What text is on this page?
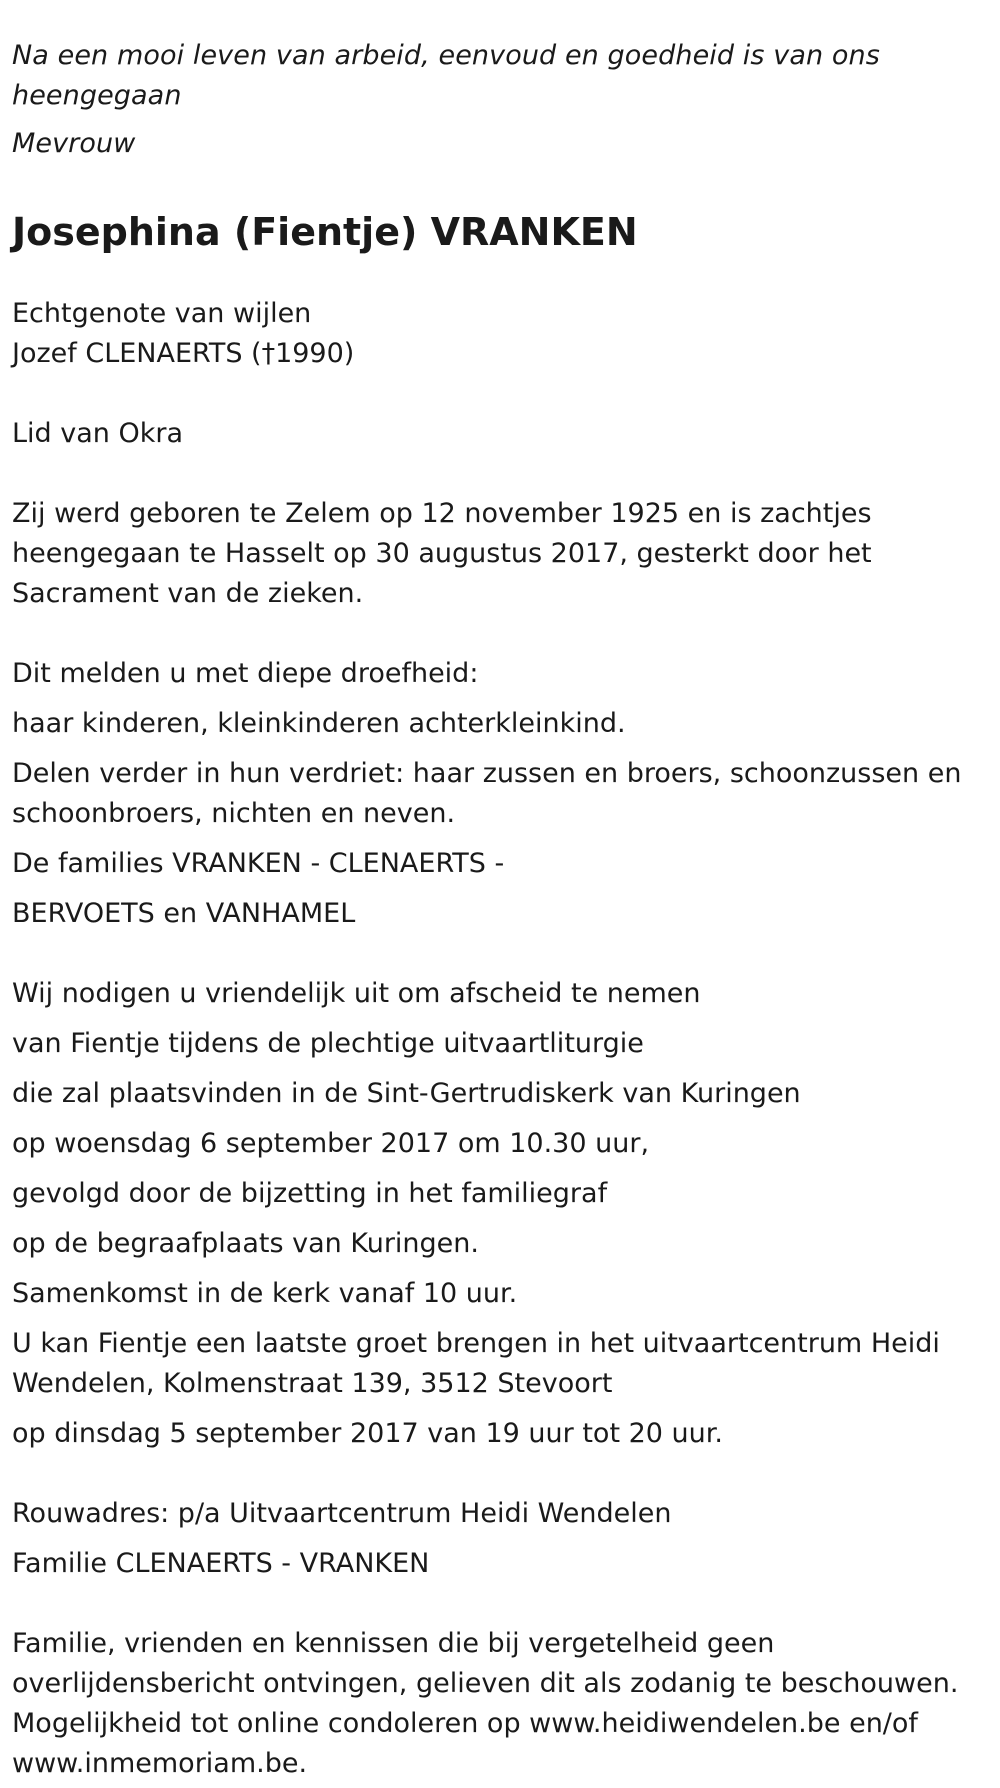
Na een mooi leven van arbeid, eenvoud en goedheid is van ons heengegaan

Mevrouw

Josephina (Fientje) VRANKEN
Echtgenote van wijlen
Jozef CLENAERTS (†1990)
Lid van Okra

Zij werd geboren te Zelem op 12 november 1925 en is zachtjes heengegaan te Hasselt op 30 augustus 2017, gesterkt door het Sacrament van de zieken.

Dit melden u met diepe droefheid:
haar kinderen, kleinkinderen achterkleinkind.
Delen verder in hun verdriet: haar zussen en broers, schoonzussen en schoonbroers, nichten en neven.
De families VRANKEN - CLENAERTS -
BERVOETS en VANHAMEL
Wij nodigen u vriendelijk uit om afscheid te nemen
van Fientje tijdens de plechtige uitvaartliturgie
die zal plaatsvinden in de Sint-Gertrudiskerk van Kuringen
op woensdag 6 september 2017 om 10.30 uur,
gevolgd door de bijzetting in het familiegraf
op de begraafplaats van Kuringen.
Samenkomst in de kerk vanaf 10 uur.
U kan Fientje een laatste groet brengen in het uitvaartcentrum Heidi Wendelen, Kolmenstraat 139, 3512 Stevoort
op dinsdag 5 september 2017 van 19 uur tot 20 uur.
Rouwadres: p/a Uitvaartcentrum Heidi Wendelen
Familie CLENAERTS - VRANKEN

Familie, vrienden en kennissen die bij vergetelheid geen overlijdensbericht ontvingen, gelieven dit als zodanig te beschouwen. Mogelijkheid tot online condoleren op www.heidiwendelen.be en/of www.inmemoriam.be.
